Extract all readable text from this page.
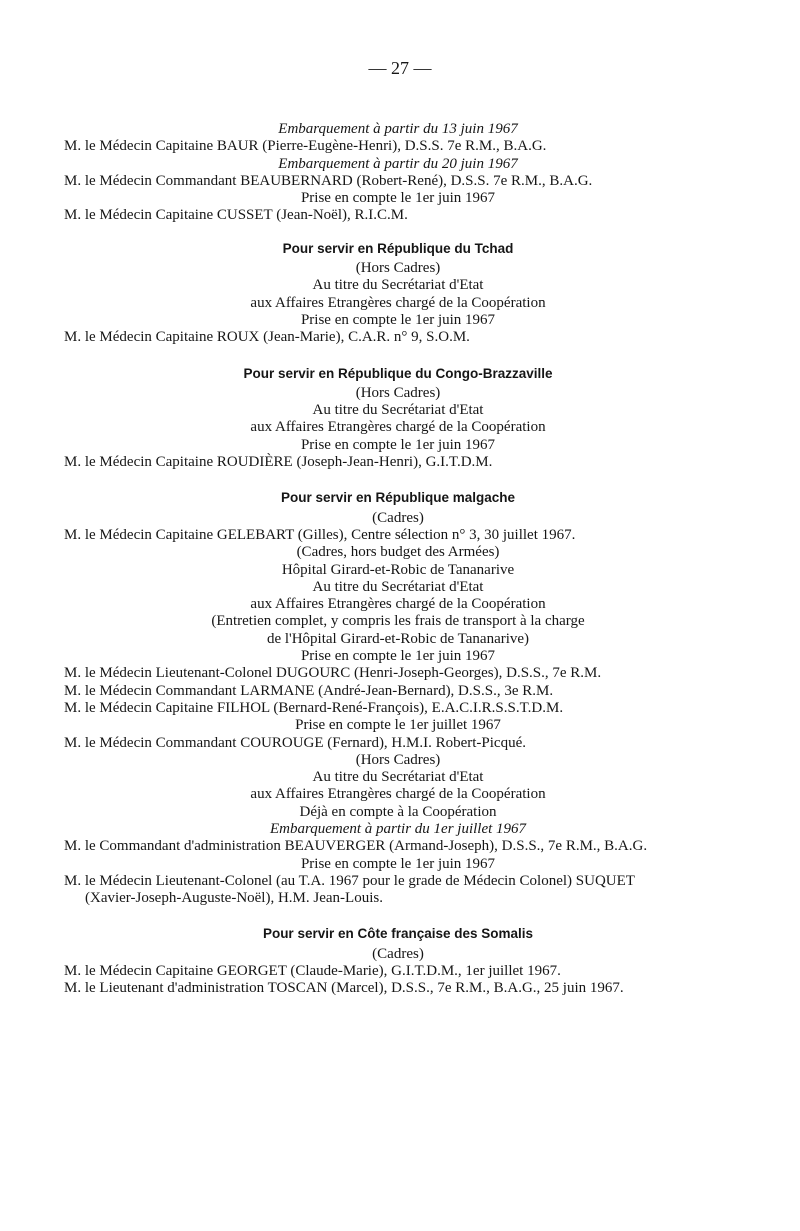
— 27 —
Embarquement à partir du 13 juin 1967
M. le Médecin Capitaine BAUR (Pierre-Eugène-Henri), D.S.S. 7e R.M., B.A.G.
Embarquement à partir du 20 juin 1967
M. le Médecin Commandant BEAUBERNARD (Robert-René), D.S.S. 7e R.M., B.A.G.
Prise en compte le 1er juin 1967
M. le Médecin Capitaine CUSSET (Jean-Noël), R.I.C.M.
Pour servir en République du Tchad
(Hors Cadres)
Au titre du Secrétariat d'Etat
aux Affaires Etrangères chargé de la Coopération
Prise en compte le 1er juin 1967
M. le Médecin Capitaine ROUX (Jean-Marie), C.A.R. n° 9, S.O.M.
Pour servir en République du Congo-Brazzaville
(Hors Cadres)
Au titre du Secrétariat d'Etat
aux Affaires Etrangères chargé de la Coopération
Prise en compte le 1er juin 1967
M. le Médecin Capitaine ROUDIÈRE (Joseph-Jean-Henri), G.I.T.D.M.
Pour servir en République malgache
(Cadres)
M. le Médecin Capitaine GELEBART (Gilles), Centre sélection n° 3, 30 juillet 1967.
(Cadres, hors budget des Armées)
Hôpital Girard-et-Robic de Tananarive
Au titre du Secrétariat d'Etat
aux Affaires Etrangères chargé de la Coopération
(Entretien complet, y compris les frais de transport à la charge
de l'Hôpital Girard-et-Robic de Tananarive)
Prise en compte le 1er juin 1967
M. le Médecin Lieutenant-Colonel DUGOURC (Henri-Joseph-Georges), D.S.S., 7e R.M.
M. le Médecin Commandant LARMANE (André-Jean-Bernard), D.S.S., 3e R.M.
M. le Médecin Capitaine FILHOL (Bernard-René-François), E.A.C.I.R.S.S.T.D.M.
Prise en compte le 1er juillet 1967
M. le Médecin Commandant COUROUGE (Fernard), H.M.I. Robert-Picqué.
(Hors Cadres)
Au titre du Secrétariat d'Etat
aux Affaires Etrangères chargé de la Coopération
Déjà en compte à la Coopération
Embarquement à partir du 1er juillet 1967
M. le Commandant d'administration BEAUVERGER (Armand-Joseph), D.S.S., 7e R.M., B.A.G.
Prise en compte le 1er juin 1967
M. le Médecin Lieutenant-Colonel (au T.A. 1967 pour le grade de Médecin Colonel) SUQUET
(Xavier-Joseph-Auguste-Noël), H.M. Jean-Louis.
Pour servir en Côte française des Somalis
(Cadres)
M. le Médecin Capitaine GEORGET (Claude-Marie), G.I.T.D.M., 1er juillet 1967.
M. le Lieutenant d'administration TOSCAN (Marcel), D.S.S., 7e R.M., B.A.G., 25 juin 1967.
